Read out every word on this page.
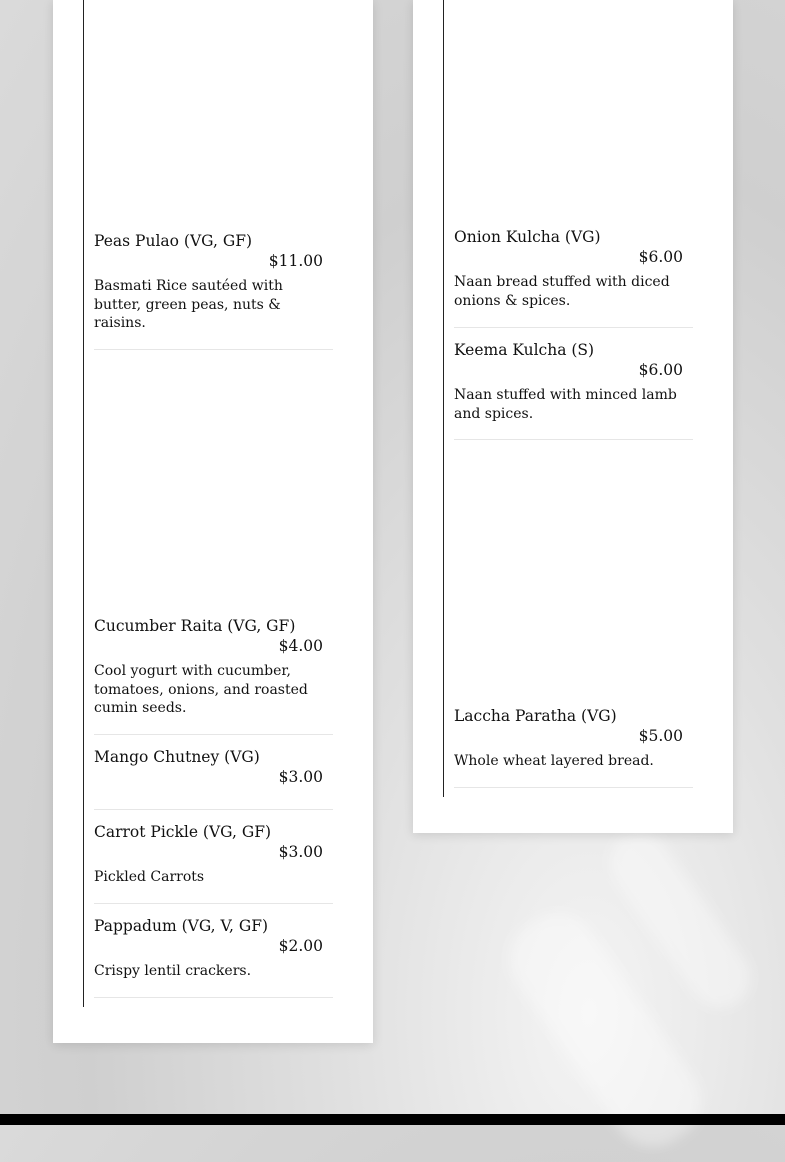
Peas Pulao (VG, GF)
$11.00
Basmati Rice sautéed with butter, green peas, nuts & raisins.
Cucumber Raita (VG, GF)
$4.00
Cool yogurt with cucumber, tomatoes, onions, and roasted cumin seeds.
Mango Chutney (VG)
$3.00
Carrot Pickle (VG, GF)
$3.00
Pickled Carrots
Pappadum (VG, V, GF)
$2.00
Crispy lentil crackers.
Onion Kulcha (VG)
$6.00
Naan bread stuffed with diced onions & spices.
Keema Kulcha (S)
$6.00
Naan stuffed with minced lamb and spices.
Laccha Paratha (VG)
$5.00
Whole wheat layered bread.
